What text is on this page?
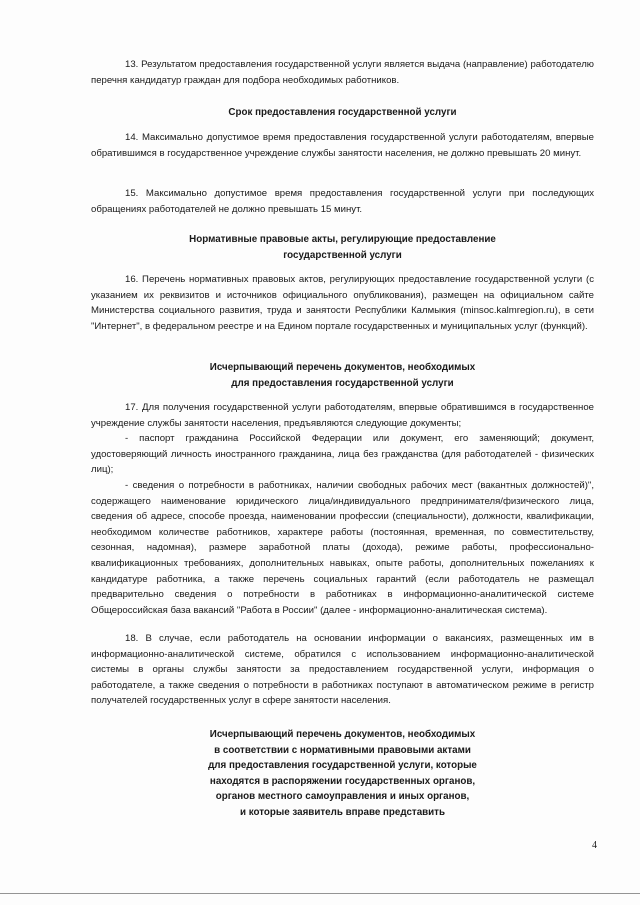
13. Результатом предоставления государственной услуги является выдача (направление) работодателю перечня кандидатур граждан для подбора необходимых работников.

Срок предоставления государственной услуги

14. Максимально допустимое время предоставления государственной услуги работодателям, впервые обратившимся в государственное учреждение службы занятости населения, не должно превышать 20 минут.

15. Максимально допустимое время предоставления государственной услуги при последующих обращениях работодателей не должно превышать 15 минут.

Нормативные правовые акты, регулирующие предоставление
государственной услуги

16. Перечень нормативных правовых актов, регулирующих предоставление государственной услуги (с указанием их реквизитов и источников официального опубликования), размещен на официальном сайте Министерства социального развития, труда и занятости Республики Калмыкия (minsoc.kalmregion.ru), в сети "Интернет", в федеральном реестре и на Едином портале государственных и муниципальных услуг (функций).

Исчерпывающий перечень документов, необходимых
для предоставления государственной услуги

17. Для получения государственной услуги работодателям, впервые обратившимся в государственное учреждение службы занятости населения, предъявляются следующие документы;

- паспорт гражданина Российской Федерации или документ, его заменяющий; документ, удостоверяющий личность иностранного гражданина, лица без гражданства (для работодателей - физических лиц);

- сведения о потребности в работниках, наличии свободных рабочих мест (вакантных должностей)", содержащего наименование юридического лица/индивидуального предпринимателя/физического лица, сведения об адресе, способе проезда, наименовании профессии (специальности), должности, квалификации, необходимом количестве работников, характере работы (постоянная, временная, по совместительству, сезонная, надомная), размере заработной платы (дохода), режиме работы, профессионально-квалификационных требованиях, дополнительных навыках, опыте работы, дополнительных пожеланиях к кандидатуре работника, а также перечень социальных гарантий (если работодатель не размещал предварительно сведения о потребности в работниках в информационно-аналитической системе Общероссийская база вакансий "Работа в России" (далее - информационно-аналитическая система).

18. В случае, если работодатель на основании информации о вакансиях, размещенных им в информационно-аналитической системе, обратился с использованием информационно-аналитической системы в органы службы занятости за предоставлением государственной услуги, информация о работодателе, а также сведения о потребности в работниках поступают в автоматическом режиме в регистр получателей государственных услуг в сфере занятости населения.

Исчерпывающий перечень документов, необходимых
в соответствии с нормативными правовыми актами
для предоставления государственной услуги, которые
находятся в распоряжении государственных органов,
органов местного самоуправления и иных органов,
и которые заявитель вправе представить
4
